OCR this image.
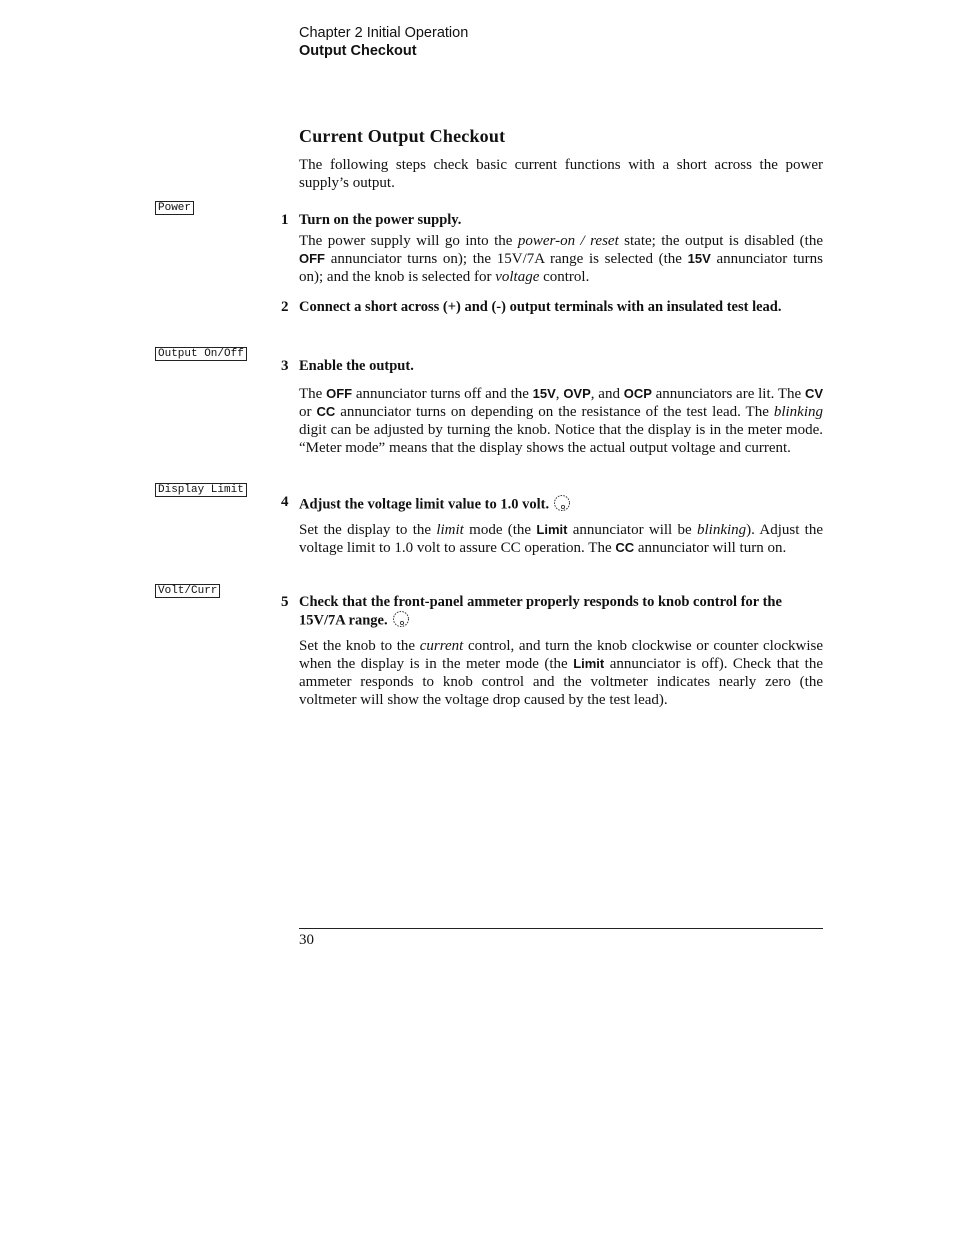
Chapter 2 Initial Operation
Output Checkout
Current Output Checkout
The following steps check basic current functions with a short across the power supply’s output.
Power
Output On/Off
Display Limit
Volt/Curr
1 Turn on the power supply.
The power supply will go into the power-on / reset state; the output is disabled (the OFF annunciator turns on); the 15V/7A range is selected (the 15V annunciator turns on); and the knob is selected for voltage control.
2 Connect a short across (+) and (-) output terminals with an insulated test lead.
3 Enable the output.
The OFF annunciator turns off and the 15V, OVP, and OCP annunciators are lit. The CV or CC annunciator turns on depending on the resistance of the test lead. The blinking digit can be adjusted by turning the knob. Notice that the display is in the meter mode. “Meter mode” means that the display shows the actual output voltage and current.
4 Adjust the voltage limit value to 1.0 volt.
Set the display to the limit mode (the Limit annunciator will be blinking). Adjust the voltage limit to 1.0 volt to assure CC operation. The CC annunciator will turn on.
5 Check that the front-panel ammeter properly responds to knob control for the 15V/7A range.
Set the knob to the current control, and turn the knob clockwise or counter clockwise when the display is in the meter mode (the Limit annunciator is off). Check that the ammeter responds to knob control and the voltmeter indicates nearly zero (the voltmeter will show the voltage drop caused by the test lead).
30
